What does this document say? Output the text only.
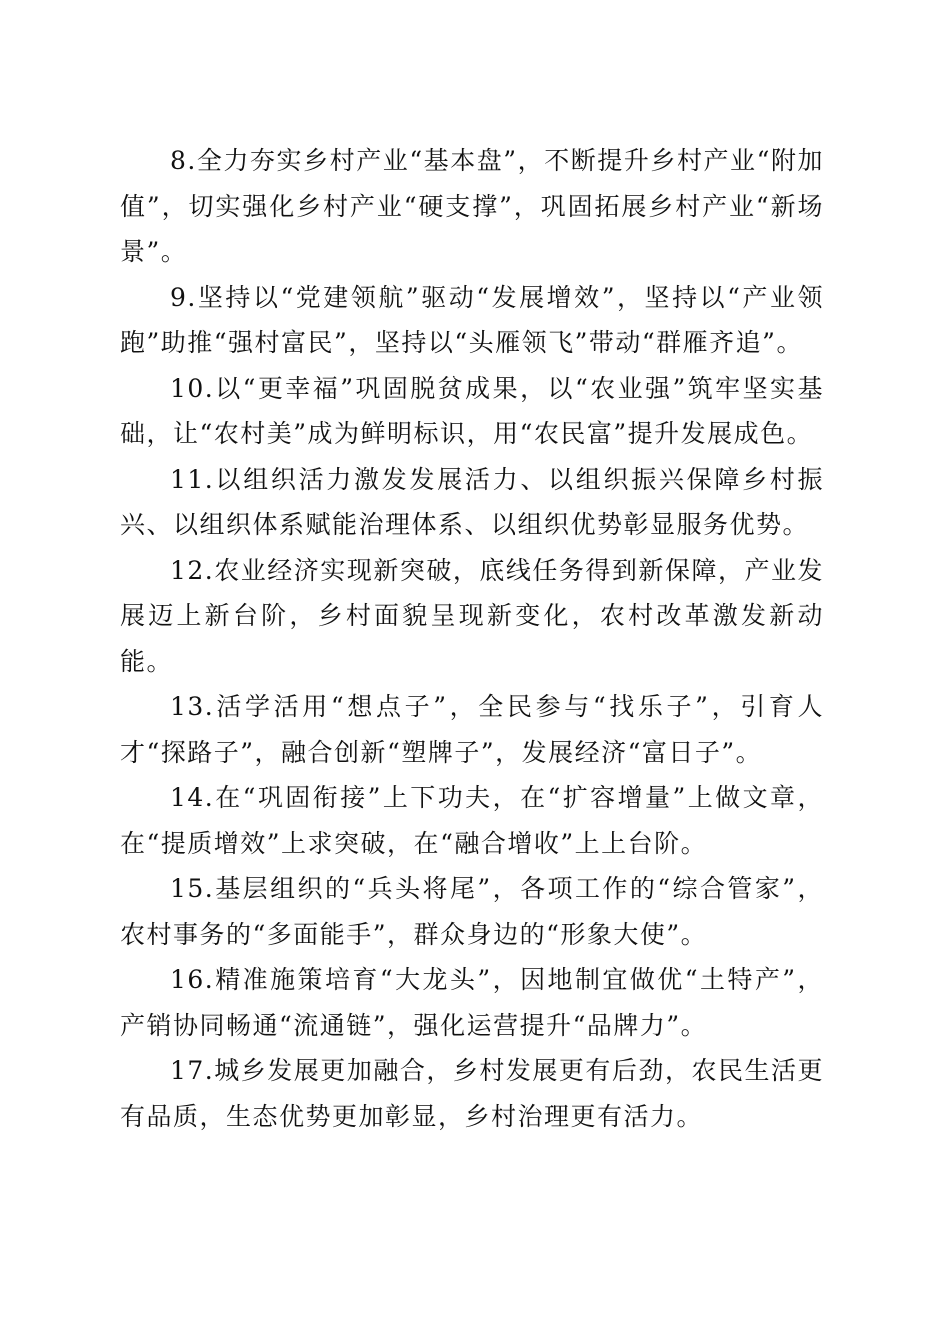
8.全力夯实乡村产业“基本盘”，不断提升乡村产业“附加值”，切实强化乡村产业“硬支撑”，巩固拓展乡村产业“新场景”。

9.坚持以“党建领航”驱动“发展增效”，坚持以“产业领跑”助推“强村富民”，坚持以“头雁领飞”带动“群雁齐追”。

10.以“更幸福”巩固脱贫成果，以“农业强”筑牢坚实基础，让“农村美”成为鲜明标识，用“农民富”提升发展成色。

11.以组织活力激发发展活力、以组织振兴保障乡村振兴、以组织体系赋能治理体系、以组织优势彰显服务优势。

12.农业经济实现新突破，底线任务得到新保障，产业发展迈上新台阶，乡村面貌呈现新变化，农村改革激发新动能。

13.活学活用“想点子”，全民参与“找乐子”，引育人才“探路子”，融合创新“塑牌子”，发展经济“富日子”。

14.在“巩固衔接”上下功夫，在“扩容增量”上做文章，在“提质增效”上求突破，在“融合增收”上上台阶。

15.基层组织的“兵头将尾”，各项工作的“综合管家”，农村事务的“多面能手”，群众身边的“形象大使”。

16.精准施策培育“大龙头”，因地制宜做优“土特产”，产销协同畅通“流通链”，强化运营提升“品牌力”。

17.城乡发展更加融合，乡村发展更有后劲，农民生活更有品质，生态优势更加彰显，乡村治理更有活力。
